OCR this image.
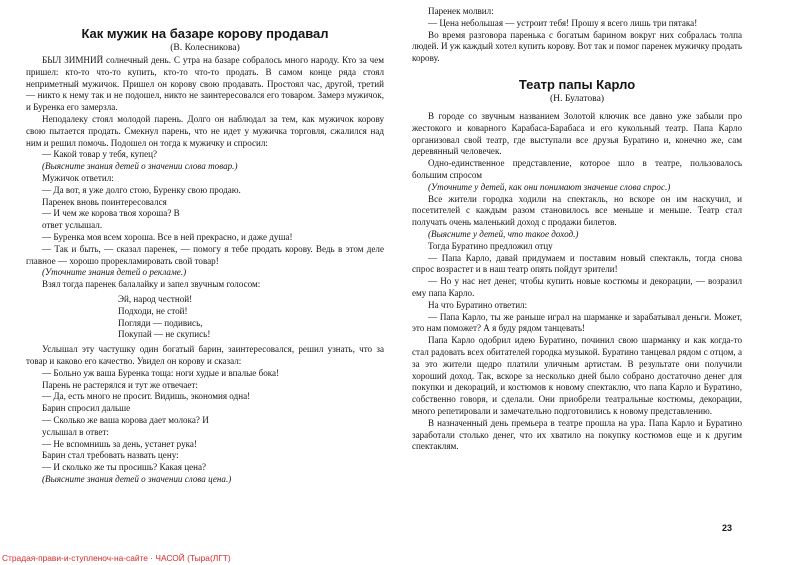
Как мужик на базаре корову продавал

(В. Колесникова)

БЫЛ ЗИМНИЙ солнечный день. С утра на базаре собралось много народу. Кто за чем пришел: кто-то что-то купить, кто-то что-то продать. В самом конце ряда стоял неприметный мужичок. Пришел он корову свою продавать. Простоял час, другой, третий — никто к нему так и не подошел, никто не заинтересовался его товаром. Замерз мужичок, и Буренка его замерзла.

Неподалеку стоял молодой парень. Долго он наблюдал за тем, как мужичок корову свою пытается продать. Смекнул парень, что не идет у мужичка торговля, сжалился над ним и решил помочь. Подошел он тогда к мужичку и спросил:

— Какой товар у тебя, купец?

(Выясните знания детей о значении слова товар.)

Мужичок ответил:

— Да вот, я уже долго стою, Буренку свою продаю.

Паренек вновь поинтересовался

— И чем же корова твоя хороша? В

ответ услышал.

— Буренка моя всем хороша. Все в ней прекрасно, и даже душа!

— Так и быть, — сказал паренек, — помогу я тебе продать корову. Ведь в этом деле главное — хорошо прорекламировать свой товар!

(Уточните знания детей о рекламе.)

Взял тогда паренек балалайку и запел звучным голосом:

Эй, народ честной!

Подходи, не стой!

Погляди — подивись,

Покупай — не скупись!

Услышал эту частушку один богатый барин, заинтересовался, решил узнать, что за товар и каково его качество. Увидел он корову и сказал:

— Больно уж ваша Буренка тоща: ноги худые и впалые бока!

Парень не растерялся и тут же отвечает:

— Да, есть много не просит. Видишь, экономия одна!

Барин спросил дальше

— Сколько же ваша корова дает молока? И

услышал в ответ:

— Не вспомнишь за день, устанет рука!

Барин стал требовать назвать цену:

— И сколько же ты просишь? Какая цена?

(Выясните знания детей о значении слова цена.)

Паренек молвил:

— Цена небольшая — устроит тебя! Прошу я всего лишь три пятака!

Во время разговора паренька с богатым барином вокруг них собралась толпа людей. И уж каждый хотел купить корову. Вот так и помог паренек мужичку продать корову.

Театр папы Карло

(Н. Булатова)

В городе со звучным названием Золотой ключик все давно уже забыли про жестокого и коварного Карабаса-Барабаса и его кукольный театр. Папа Карло организовал свой театр, где выступали все друзья Буратино и, конечно же, сам деревянный человечек.

Одно-единственное представление, которое шло в театре, пользовалось большим спросом

(Уточните у детей, как они понимают значение слова спрос.)

Все жители городка ходили на спектакль, но вскоре он им наскучил, и посетителей с каждым разом становилось все меньше и меньше. Театр стал получать очень маленький доход с продажи билетов.

(Выясните у детей, что такое доход.)

Тогда Буратино предложил отцу

— Папа Карло, давай придумаем и поставим новый спектакль, тогда снова спрос возрастет и в наш театр опять пойдут зрители!

— Но у нас нет денег, чтобы купить новые костюмы и декорации, — возразил ему папа Карло.

На что Буратино ответил:

— Папа Карло, ты же раньше играл на шарманке и зарабатывал деньги. Может, это нам поможет? А я буду рядом танцевать!

Папа Карло одобрил идею Буратино, починил свою шарманку и как когда-то стал радовать всех обитателей городка музыкой. Буратино танцевал рядом с отцом, а за это жители щедро платили уличным артистам. В результате они получили хороший доход. Так, вскоре за несколько дней было собрано достаточно денег для покупки и декораций, и костюмов к новому спектаклю, что папа Карло и Буратино, собственно говоря, и сделали. Они приобрели театральные костюмы, декорации, много репетировали и замечательно подготовились к новому представлению.

В назначенный день премьера в театре прошла на ура. Папа Карло и Буратино заработали столько денег, что их хватило на покупку костюмов еще и к другим спектаклям.

23
Страдая-прави-и-ступленоч-на-сайте · ЧАСОЙ (Тыра(ЛГТ)
